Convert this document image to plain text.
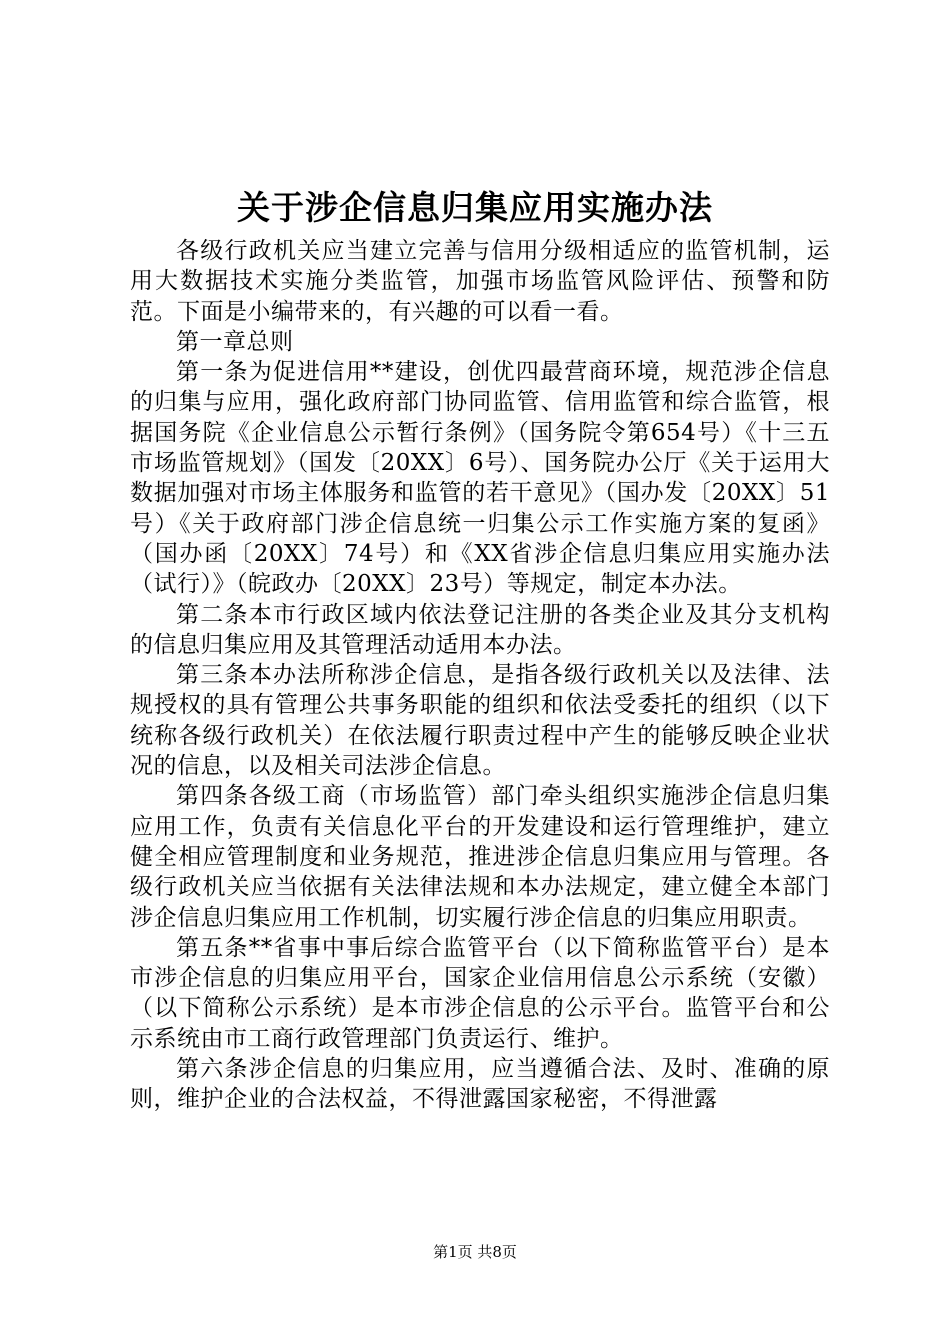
关于涉企信息归集应用实施办法

各级行政机关应当建立完善与信用分级相适应的监管机制，运用大数据技术实施分类监管，加强市场监管风险评估、预警和防范。下面是小编带来的，有兴趣的可以看一看。

第一章总则

第一条为促进信用**建设，创优四最营商环境，规范涉企信息的归集与应用，强化政府部门协同监管、信用监管和综合监管，根据国务院《企业信息公示暂行条例》（国务院令第654号）《十三五市场监管规划》（国发〔20XX〕6号）、国务院办公厅《关于运用大数据加强对市场主体服务和监管的若干意见》（国办发〔20XX〕51号）《关于政府部门涉企信息统一归集公示工作实施方案的复函》（国办函〔20XX〕74号）和《XX省涉企信息归集应用实施办法（试行）》（皖政办〔20XX〕23号）等规定，制定本办法。

第二条本市行政区域内依法登记注册的各类企业及其分支机构的信息归集应用及其管理活动适用本办法。

第三条本办法所称涉企信息，是指各级行政机关以及法律、法规授权的具有管理公共事务职能的组织和依法受委托的组织（以下统称各级行政机关）在依法履行职责过程中产生的能够反映企业状况的信息，以及相关司法涉企信息。

第四条各级工商（市场监管）部门牵头组织实施涉企信息归集应用工作，负责有关信息化平台的开发建设和运行管理维护，建立健全相应管理制度和业务规范，推进涉企信息归集应用与管理。各级行政机关应当依据有关法律法规和本办法规定，建立健全本部门涉企信息归集应用工作机制，切实履行涉企信息的归集应用职责。

第五条**省事中事后综合监管平台（以下简称监管平台）是本市涉企信息的归集应用平台，国家企业信用信息公示系统（安徽）（以下简称公示系统）是本市涉企信息的公示平台。监管平台和公示系统由市工商行政管理部门负责运行、维护。

第六条涉企信息的归集应用，应当遵循合法、及时、准确的原则，维护企业的合法权益，不得泄露国家秘密，不得泄露

第1页 共8页
